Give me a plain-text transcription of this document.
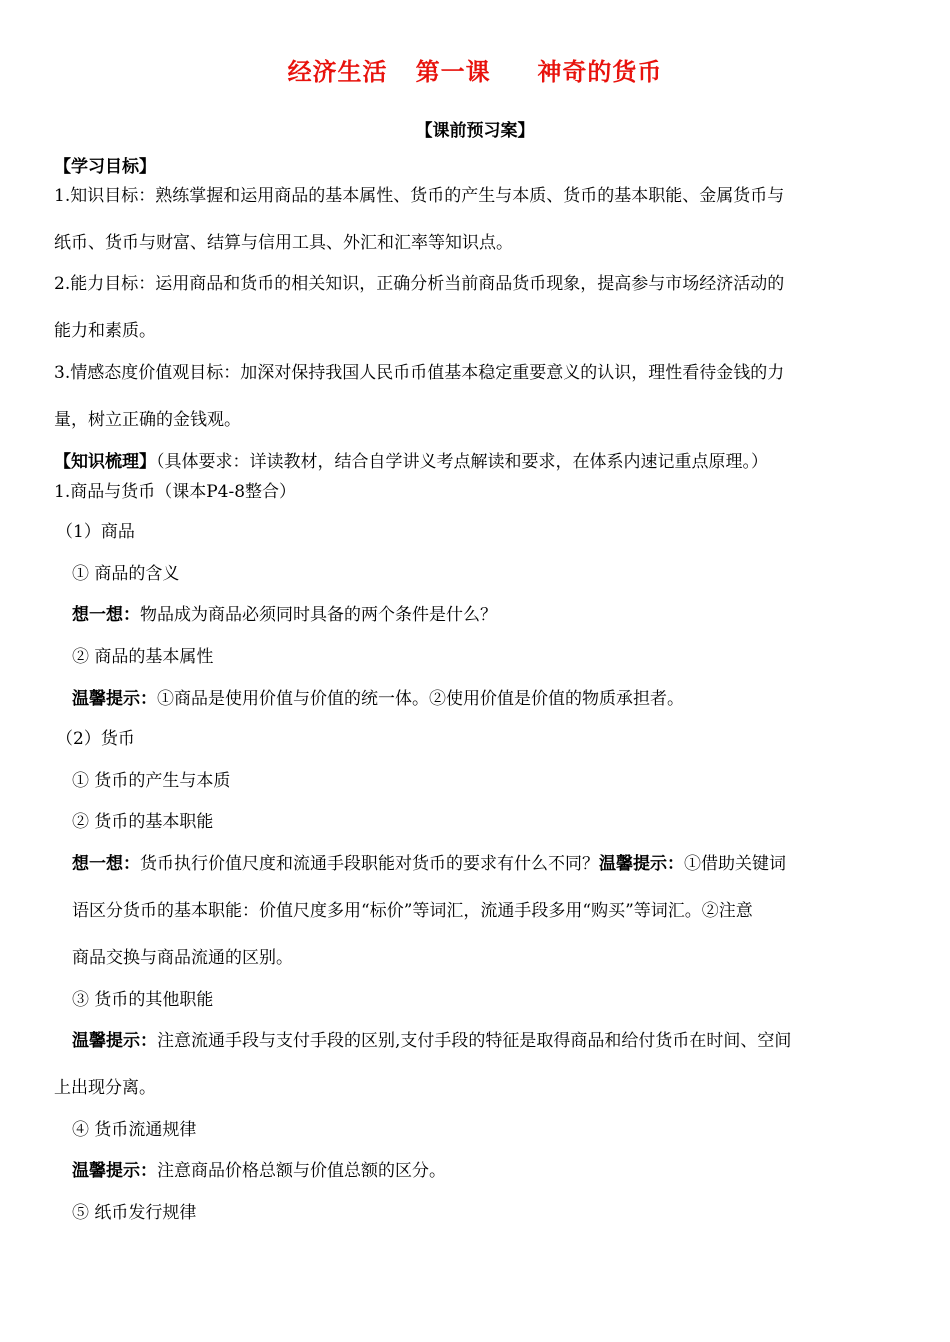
经济生活 第一课 神奇的货币
【课前预习案】
【学习目标】
1.知识目标：熟练掌握和运用商品的基本属性、货币的产生与本质、货币的基本职能、金属货币与
纸币、货币与财富、结算与信用工具、外汇和汇率等知识点。
2.能力目标：运用商品和货币的相关知识，正确分析当前商品货币现象，提高参与市场经济活动的
能力和素质。
3.情感态度价值观目标：加深对保持我国人民币币值基本稳定重要意义的认识，理性看待金钱的力
量，树立正确的金钱观。
【知识梳理】（具体要求：详读教材，结合自学讲义考点解读和要求，在体系内速记重点原理。）
1.商品与货币（课本P4-8整合）
（1）商品
① 商品的含义
想一想：物品成为商品必须同时具备的两个条件是什么？
② 商品的基本属性
温馨提示：①商品是使用价值与价值的统一体。②使用价值是价值的物质承担者。
（2）货币
① 货币的产生与本质
② 货币的基本职能
想一想：货币执行价值尺度和流通手段职能对货币的要求有什么不同？温馨提示：①借助关键词
语区分货币的基本职能：价值尺度多用“标价”等词汇，流通手段多用“购买”等词汇。②注意
商品交换与商品流通的区别。
③ 货币的其他职能
温馨提示：注意流通手段与支付手段的区别,支付手段的特征是取得商品和给付货币在时间、空间
上出现分离。
④ 货币流通规律
温馨提示：注意商品价格总额与价值总额的区分。
⑤ 纸币发行规律
